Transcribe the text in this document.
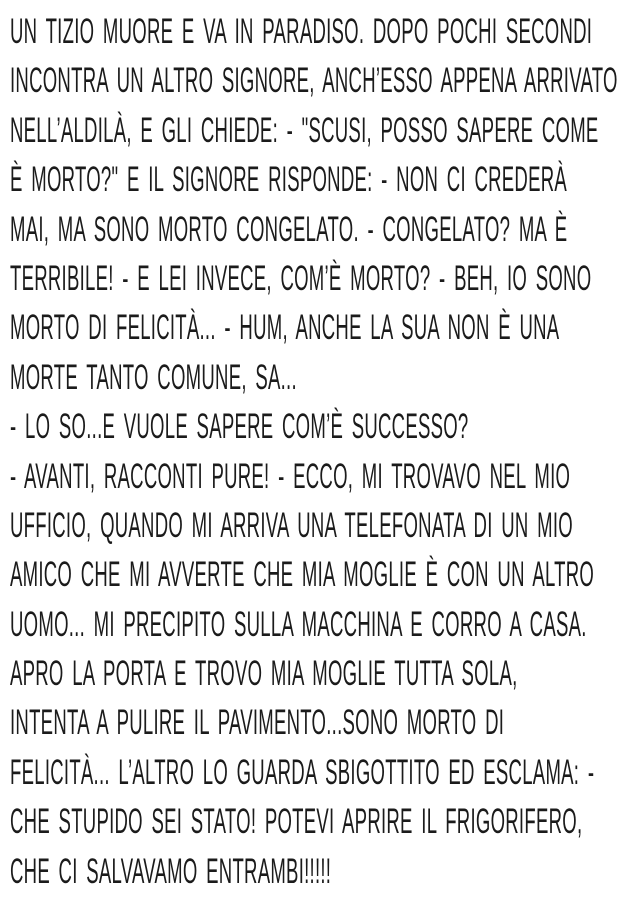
UN TIZIO MUORE E VA IN PARADISO. DOPO POCHI SECONDI
INCONTRA UN ALTRO SIGNORE, ANCH’ESSO APPENA ARRIVATO
NELL’ALDILÀ, E GLI CHIEDE: - "SCUSI, POSSO SAPERE COME
È MORTO?" E IL SIGNORE RISPONDE: - NON CI CREDERÀ
MAI, MA SONO MORTO CONGELATO. - CONGELATO? MA È
TERRIBILE! - E LEI INVECE, COM’È MORTO? - BEH, IO SONO
MORTO DI FELICITÀ... - HUM, ANCHE LA SUA NON È UNA
MORTE TANTO COMUNE, SA...
- LO SO...E VUOLE SAPERE COM’È SUCCESSO?
- AVANTI, RACCONTI PURE! - ECCO, MI TROVAVO NEL MIO
UFFICIO, QUANDO MI ARRIVA UNA TELEFONATA DI UN MIO
AMICO CHE MI AVVERTE CHE MIA MOGLIE È CON UN ALTRO
UOMO... MI PRECIPITO SULLA MACCHINA E CORRO A CASA.
APRO LA PORTA E TROVO MIA MOGLIE TUTTA SOLA,
INTENTA A PULIRE IL PAVIMENTO...SONO MORTO DI
FELICITÀ... L’ALTRO LO GUARDA SBIGOTTITO ED ESCLAMA: -
CHE STUPIDO SEI STATO! POTEVI APRIRE IL FRIGORIFERO,
CHE CI SALVAVAMO ENTRAMBI!!!!!
